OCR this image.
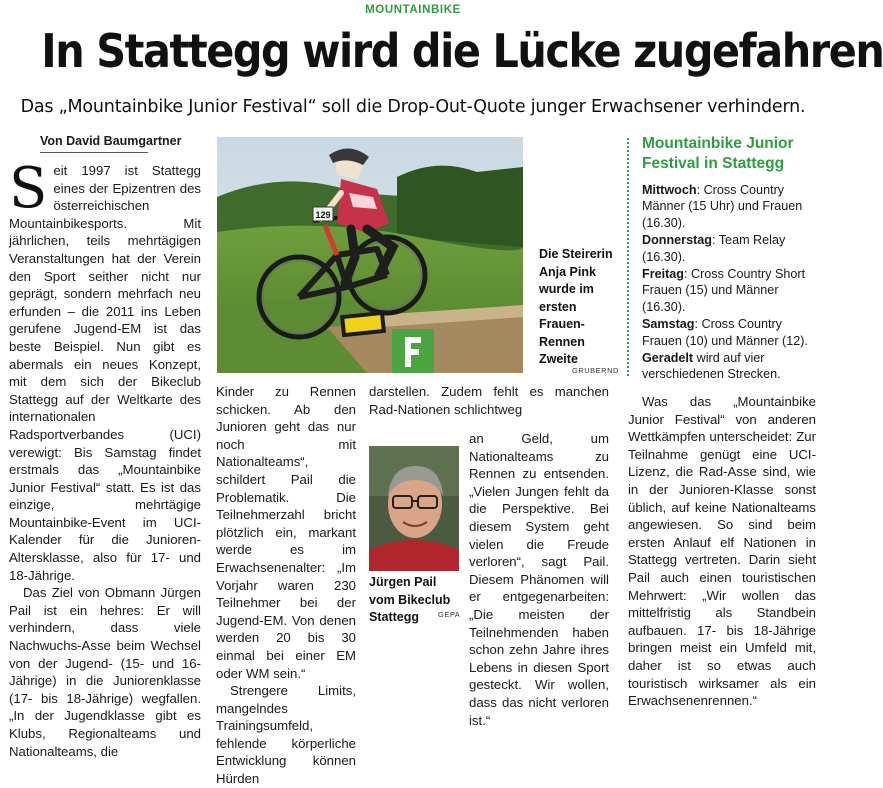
MOUNTAINBIKE
In Stattegg wird die Lücke zugefahren
Das „Mountainbike Junior Festival“ soll die Drop-Out-Quote junger Erwachsener verhindern.
Von David Baumgartner

Seit 1997 ist Stattegg eines der Epizentren des österreichischen Mountainbikesports. Mit jährlichen, teils mehrtägigen Veranstaltungen hat der Verein den Sport seither nicht nur geprägt, sondern mehrfach neu erfunden – die 2011 ins Leben gerufene Jugend-EM ist das beste Beispiel. Nun gibt es abermals ein neues Konzept, mit dem sich der Bikeclub Stattegg auf der Weltkarte des internationalen Radsportverbandes (UCI) verewigt: Bis Samstag findet erstmals das „Mountainbike Junior Festival“ statt. Es ist das einzige, mehrtägige Mountainbike-Event im UCI-Kalender für die Junioren-Altersklasse, also für 17- und 18-Jährige.

Das Ziel von Obmann Jürgen Pail ist ein hehres: Er will verhindern, dass viele Nachwuchs-Asse beim Wechsel von der Jugend- (15- und 16-Jährige) in die Juniorenklasse (17- bis 18-Jährige) wegfallen. „In der Jugendklasse gibt es Klubs, Regionalteams und Nationalteams, die

129
Die Steirerin Anja Pink wurde im ersten Frauen-Rennen Zweite
GRUBERND

Kinder zu Rennen schicken. Ab den Junioren geht das nur noch mit Nationalteams“, schildert Pail die Problematik. Die Teilnehmerzahl bricht plötzlich ein, markant werde es im Erwachsenenalter: „Im Vorjahr waren 230 Teilnehmer bei der Jugend-EM. Von denen werden 20 bis 30 einmal bei einer EM oder WM sein.“

Strengere Limits, mangelndes Trainingsumfeld, fehlende körperliche Entwicklung können Hürden

darstellen. Zudem fehlt es manchen Rad-Nationen schlichtweg

an Geld, um Nationalteams zu Rennen zu entsenden. „Vielen Jungen fehlt da die Perspektive. Bei diesem System geht vielen die Freude verloren“, sagt Pail. Diesem Phänomen will er entgegenarbeiten: „Die meisten der Teilnehmenden haben schon zehn Jahre ihres Lebens in diesen Sport gesteckt. Wir wollen, dass das nicht verloren ist.“

Jürgen Pail vom Bikeclub Stattegg	GEPA
Mountainbike Junior Festival in Stattegg
Mittwoch: Cross Country Männer (15 Uhr) und Frauen (16.30).
Donnerstag: Team Relay (16.30).
Freitag: Cross Country Short Frauen (15) und Männer (16.30).
Samstag: Cross Country Frauen (10) und Männer (12).
Geradelt wird auf vier verschiedenen Strecken.

Was das „Mountainbike Junior Festival“ von anderen Wettkämpfen unterscheidet: Zur Teilnahme genügt eine UCI-Lizenz, die Rad-Asse sind, wie in der Junioren-Klasse sonst üblich, auf keine Nationalteams angewiesen. So sind beim ersten Anlauf elf Nationen in Stattegg vertreten. Darin sieht Pail auch einen touristischen Mehrwert: „Wir wollen das mittelfristig als Standbein aufbauen. 17- bis 18-Jährige bringen meist ein Umfeld mit, daher ist so etwas auch touristisch wirksamer als ein Erwachsenenrennen.“
